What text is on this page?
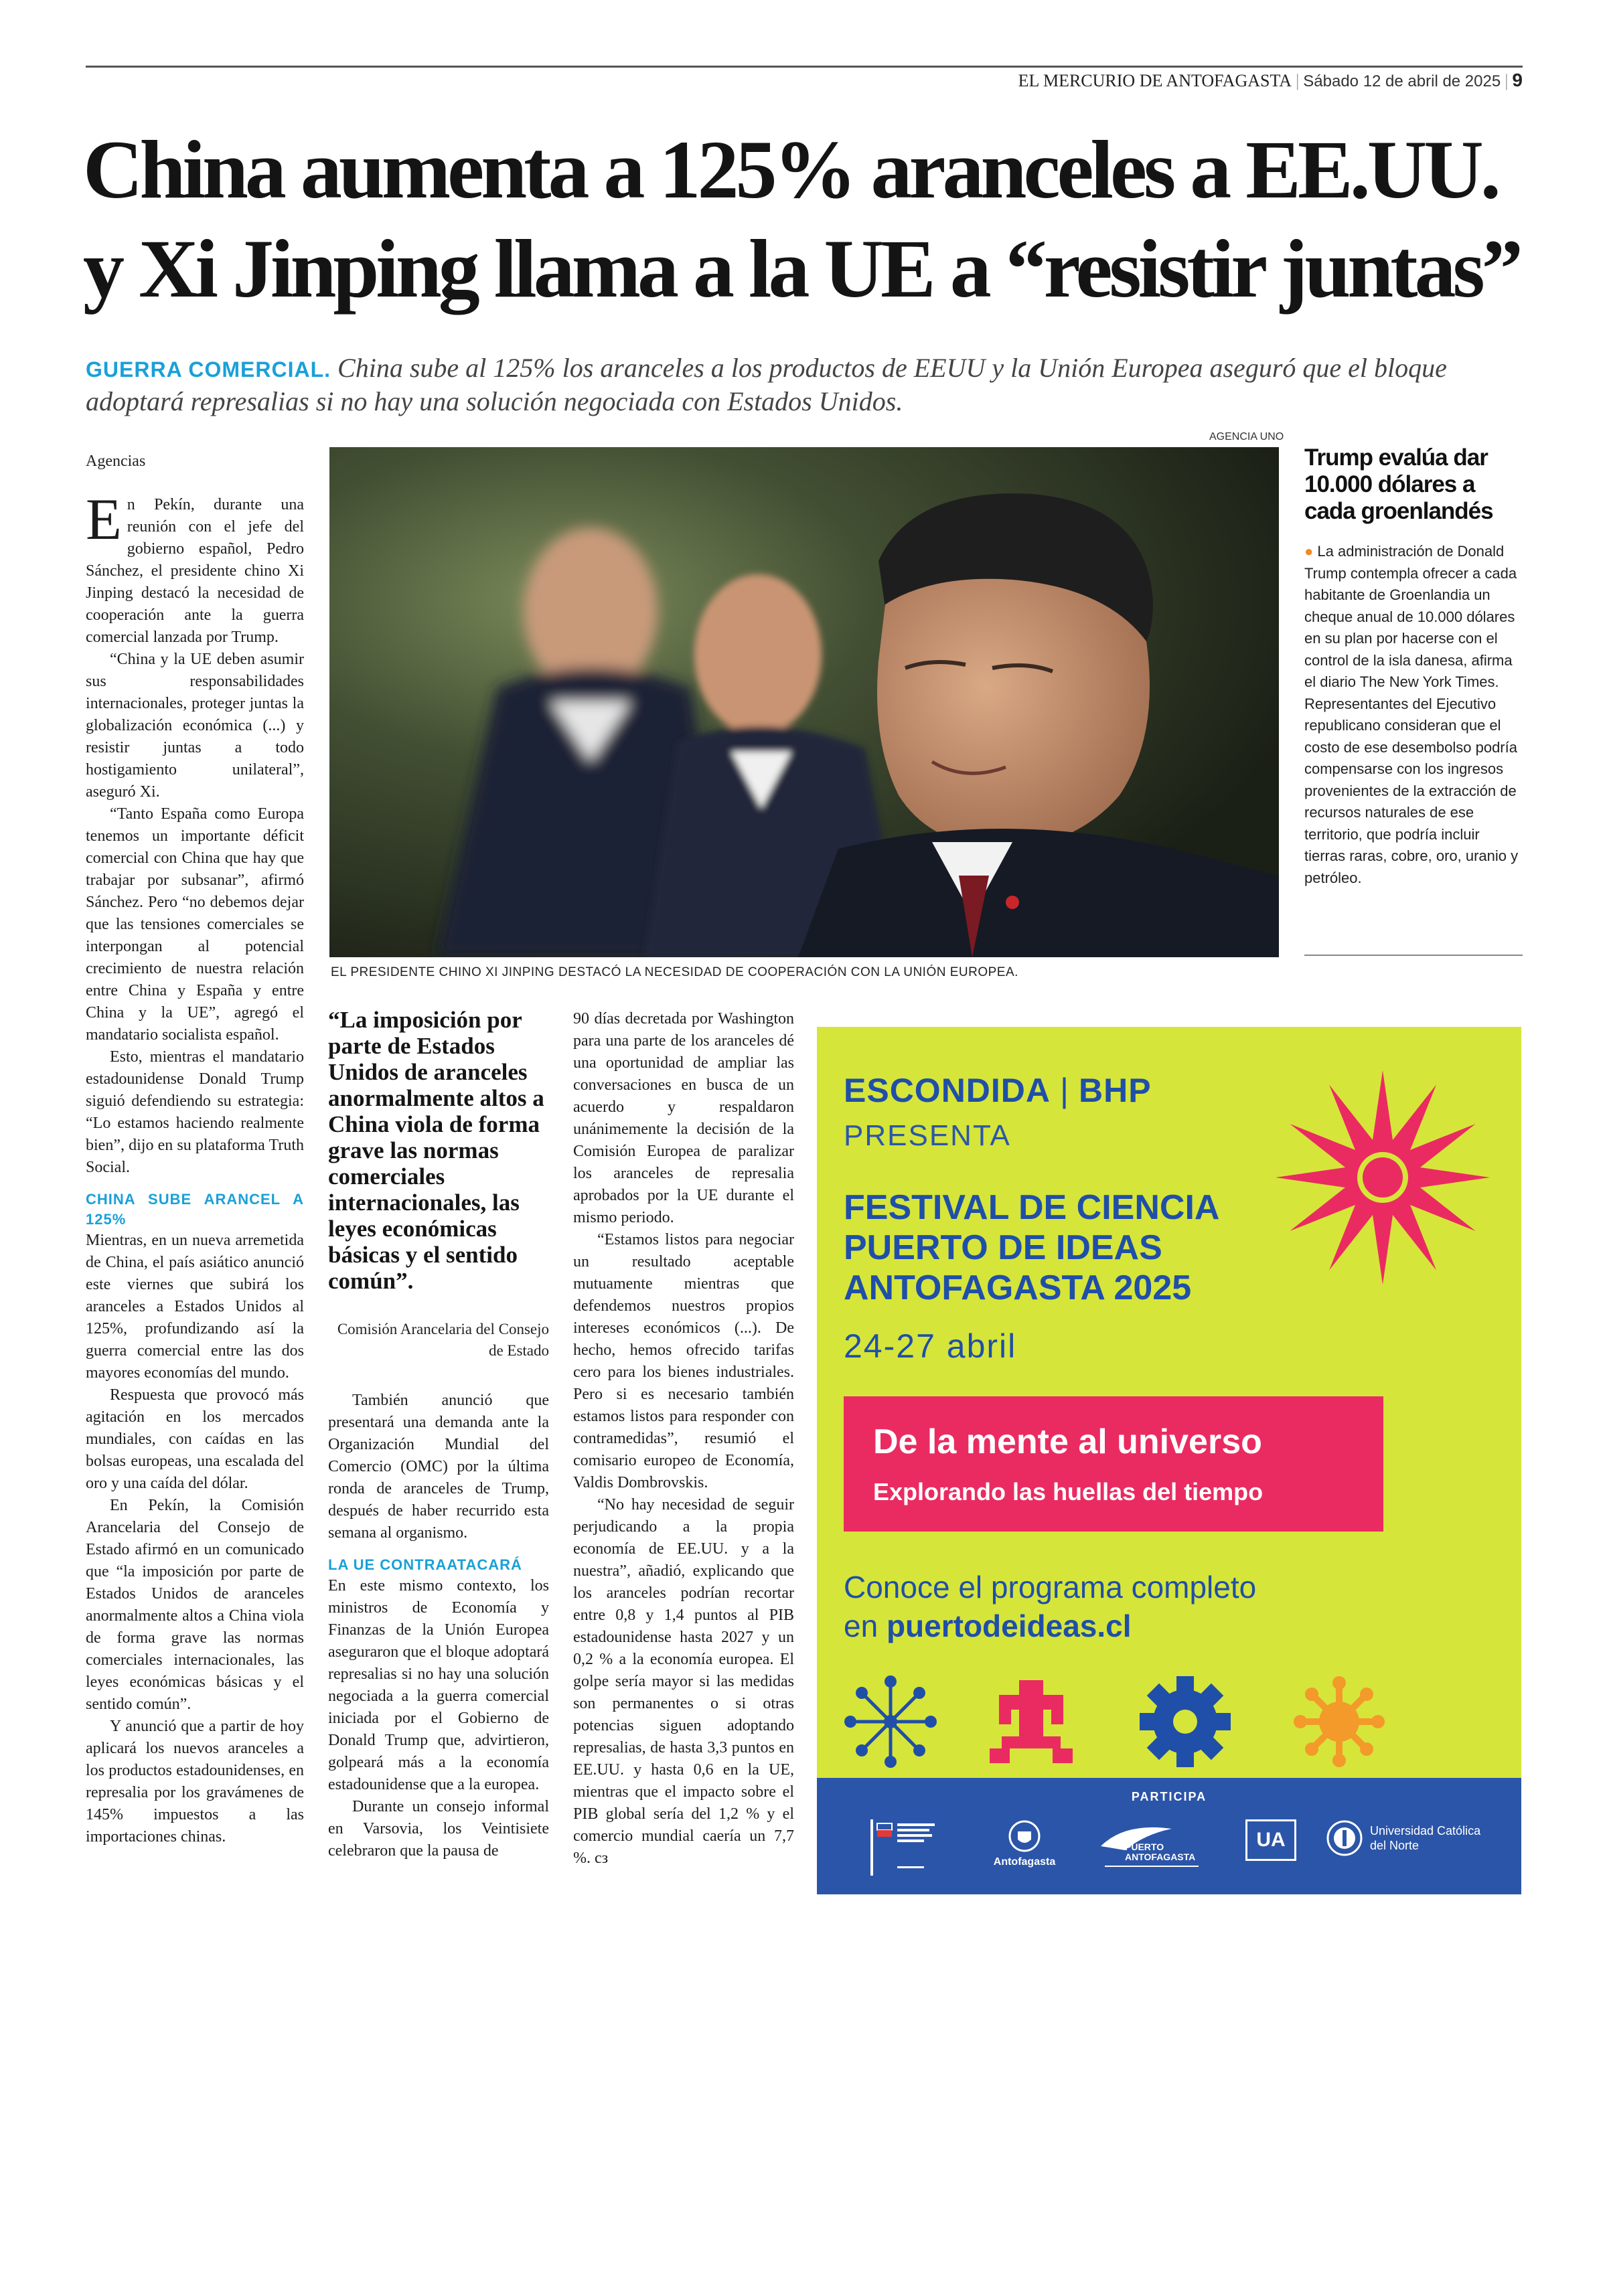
EL MERCURIO DE ANTOFAGASTA | Sábado 12 de abril de 2025 | 9
China aumenta a 125% aranceles a EE.UU.
y Xi Jinping llama a la UE a “resistir juntas”
GUERRA COMERCIAL. China sube al 125% los aranceles a los productos de EEUU y la Unión Europea aseguró que el bloque adoptará represalias si no hay una solución negociada con Estados Unidos.
Agencias

En Pekín, durante una reunión con el jefe del gobierno español, Pedro Sánchez, el presidente chino Xi Jinping destacó la necesidad de cooperación ante la guerra comercial lanzada por Trump.

“China y la UE deben asumir sus responsabilidades internacionales, proteger juntas la globalización económica (...) y resistir juntas a todo hostigamiento unilateral”, aseguró Xi.

“Tanto España como Europa tenemos un importante déficit comercial con China que hay que trabajar por subsanar”, afirmó Sánchez. Pero “no debemos dejar que las tensiones comerciales se interpongan al potencial crecimiento de nuestra relación entre China y España y entre China y la UE”, agregó el mandatario socialista español.

Esto, mientras el mandatario estadounidense Donald Trump siguió defendiendo su estrategia: “Lo estamos haciendo realmente bien”, dijo en su plataforma Truth Social.

CHINA SUBE ARANCEL A 125%

Mientras, en un nueva arremetida de China, el país asiático anunció este viernes que subirá los aranceles a Estados Unidos al 125%, profundizando así la guerra comercial entre las dos mayores economías del mundo.

Respuesta que provocó más agitación en los mercados mundiales, con caídas en las bolsas europeas, una escalada del oro y una caída del dólar.

En Pekín, la Comisión Arancelaria del Consejo de Estado afirmó en un comunicado que “la imposición por parte de Estados Unidos de aranceles anormalmente altos a China viola de forma grave las normas comerciales internacionales, las leyes económicas básicas y el sentido común”.

Y anunció que a partir de hoy aplicará los nuevos aranceles a los productos estadounidenses, en represalia por los gravámenes de 145% impuestos a las importaciones chinas.

AGENCIA UNO
EL PRESIDENTE CHINO XI JINPING DESTACÓ LA NECESIDAD DE COOPERACIÓN CON LA UNIÓN EUROPEA.
Trump evalúa dar 10.000 dólares a cada groenlandés
● La administración de Donald Trump contempla ofrecer a cada habitante de Groenlandia un cheque anual de 10.000 dólares en su plan por hacerse con el control de la isla danesa, afirma el diario The New York Times. Representantes del Ejecutivo republicano consideran que el costo de ese desembolso podría compensarse con los ingresos provenientes de la extracción de recursos naturales de ese territorio, que podría incluir tierras raras, cobre, oro, uranio y petróleo.
“La imposición por parte de Estados Unidos de aranceles anormalmente altos a China viola de forma grave las normas comerciales internacionales, las leyes económicas básicas y el sentido común”.
Comisión Arancelaria del Consejo de Estado

También anunció que presentará una demanda ante la Organización Mundial del Comercio (OMC) por la última ronda de aranceles de Trump, después de haber recurrido esta semana al organismo.

LA UE CONTRAATACARÁ

En este mismo contexto, los ministros de Economía y Finanzas de la Unión Europea aseguraron que el bloque adoptará represalias si no hay una solución negociada a la guerra comercial iniciada por el Gobierno de Donald Trump que, advirtieron, golpeará más a la economía estadounidense que a la europea.

Durante un consejo informal en Varsovia, los Veintisiete celebraron que la pausa de

90 días decretada por Washington para una parte de los aranceles dé una oportunidad de ampliar las conversaciones en busca de un acuerdo y respaldaron unánimemente la decisión de la Comisión Europea de paralizar los aranceles de represalia aprobados por la UE durante el mismo periodo.

“Estamos listos para negociar un resultado aceptable mutuamente mientras que defendemos nuestros propios intereses económicos (...). De hecho, hemos ofrecido tarifas cero para los bienes industriales. Pero si es necesario también estamos listos para responder con contramedidas”, resumió el comisario europeo de Economía, Valdis Dombrovskis.

“No hay necesidad de seguir perjudicando a la propia economía de EE.UU. y a la nuestra”, añadió, explicando que los aranceles podrían recortar entre 0,8 y 1,4 puntos al PIB estadounidense hasta 2027 y un 0,2 % a la economía europea. El golpe sería mayor si las medidas son permanentes o si otras potencias siguen adoptando represalias, de hasta 3,3 puntos en EE.UU. y hasta 0,6 en la UE, mientras que el impacto sobre el PIB global sería del 1,2 % y el comercio mundial caería un 7,7 %. cз

ESCONDIDA | BHP
PRESENTA
FESTIVAL DE CIENCIA
PUERTO DE IDEAS
ANTOFAGASTA 2025
24-27 abril
De la mente al universo
Explorando las huellas del tiempo
Conoce el programa completo
en puertodeideas.cl
PARTICIPA
Antofagasta
PUERTO ANTOFAGASTA
UA	Universidad Católica del Norte
